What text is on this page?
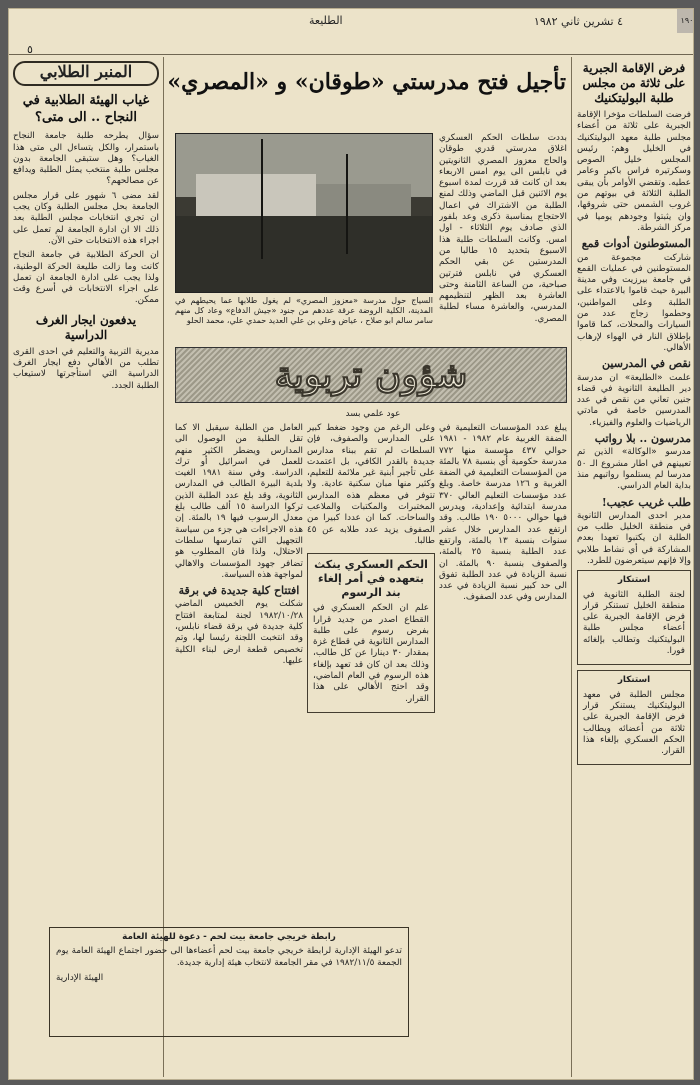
١٩٠
٤ تشرين ثاني ١٩٨٢
الطليعة
٥
فرض الإقامة الجبرية على ثلاثة من مجلس طلبة البوليتكنيك

فرضت السلطات مؤخرا الإقامة الجبرية على ثلاثة من أعضاء مجلس طلبة معهد البوليتكنيك في الخليل وهم: رئيس المجلس خليل الصوص وسكرتيره فراس باكير وعامر عطيه. وتقضي الأوامر بأن يبقى الطلبة الثلاثة في بيوتهم من غروب الشمس حتى شروقها، وان يثبتوا وجودهم يوميا في مركز الشرطة.

المستوطنون أدوات قمع

شاركت مجموعة من المستوطنين في عمليات القمع في جامعة بيرزيت وفي مدينة البيرة حيث قاموا بالاعتداء على الطلبة وعلى المواطنين، وحطموا زجاج عدد من السيارات والمحلات، كما قاموا بإطلاق النار في الهواء لإرهاب الأهالي.

نقص في المدرسين

علمت «الطليعة» ان مدرسة دير الطليعة الثانوية في قضاء جنين تعاني من نقص في عدد المدرسين خاصة في مادتي الرياضيات والعلوم والفيزياء.

مدرسون .. بلا رواتب

مدرسو «الوكالة» الذين تم تعيينهم في اطار مشروع الـ ٥٠ مدرسا لم يستلموا رواتبهم منذ بداية العام الدراسي.

طلب غريب عجيب!

مدير احدى المدارس الثانوية في منطقة الخليل طلب من الطلبة ان يكتبوا تعهدا بعدم المشاركة في أي نشاط طلابي وإلا فإنهم سيتعرضون للطرد.

استنكار

لجنة الطلبة الثانوية في منطقة الخليل تستنكر قرار فرض الإقامة الجبرية على أعضاء مجلس طلبة البوليتكنيك وتطالب بإلغائه فورا.

استنكار

مجلس الطلبة في معهد البوليتكنيك يستنكر قرار فرض الإقامة الجبرية على ثلاثة من أعضائه ويطالب الحكم العسكري بإلغاء هذا القرار.

المنبر الطلابي
غياب الهيئة الطلابية في النجاح .. الى متى؟

سؤال يطرحه طلبة جامعة النجاح باستمرار، والكل يتساءل الى متى هذا الغياب؟ وهل ستبقى الجامعة بدون مجلس طلبة منتخب يمثل الطلبة ويدافع عن مصالحهم؟

لقد مضى ٦ شهور على قرار مجلس الجامعة بحل مجلس الطلبة وكان يجب ان تجري انتخابات مجلس الطلبة بعد ذلك الا ان ادارة الجامعة لم تعمل على اجراء هذه الانتخابات حتى الآن.

ان الحركة الطلابية في جامعة النجاح كانت وما زالت طليعة الحركة الوطنية، ولذا يجب على ادارة الجامعة ان تعمل على اجراء الانتخابات في أسرع وقت ممكن.

يدفعون ايجار الغرف الدراسية

مديرية التربية والتعليم في احدى القرى تطلب من الأهالي دفع ايجار الغرف الدراسية التي استأجرتها لاستيعاب الطلبة الجدد.

تأجيل فتح مدرستي «طوقان» و «المصري»
بددت سلطات الحكم العسكري اغلاق مدرستي قدري طوقان والحاج معزوز المصري الثانويتين في نابلس الى يوم امس الاربعاء بعد ان كانت قد قررت لمدة اسبوع يوم الاثنين قبل الماضي وذلك لمنع الطلبة من الاشتراك في اعمال الاحتجاج بمناسبة ذكرى وعد بلفور الذي صادف يوم الثلاثاء - اول امس. وكانت السلطات طلبة هذا الاسبوع بتحديد ١٥ طالبا من المدرستين عن بقي الحكم العسكري في نابلس فترتين صباحية، من الساعة الثامنة وحتى العاشرة بعد الظهر لتنظيمهم المدرسي، والعاشرة مساء لطلبة المصري.
السياج حول مدرسة «معزوز المصري» لم يغول طلابها عما يحيطهم في المدينة، الكلية الروضة عرقة عددهم من جنود «جيش الدفاع» وعاد كل منهم سامر سالم ابو صلاح ، عياض وعلي بن علي العديد حمدي علي، محمد الحلو
شؤون تربوية
عود علمي بسد
يبلغ عدد المؤسسات التعليمية في الضفة الغربية عام ١٩٨٢ - ١٩٨١ حوالي ٤٣٧ مؤسسة منها ٧٧٢ مدرسة حكومية أي بنسبة ٧٨ بالمئة من المؤسسات التعليمية في الضفة الغربية و ١٢٦ مدرسة خاصة. وبلغ عدد مؤسسات التعليم العالي ٣٧٠ مدرسة ابتدائية وإعدادية، ويدرس فيها حوالي ٥٠٠٠ ١٩٠ طالب. وقد ارتفع عدد المدارس خلال عشر سنوات بنسبة ١٣ بالمئة، وارتفع عدد الطلبة بنسبة ٢٥ بالمئة، والصفوف بنسبة ٩٠ بالمئة. ان نسبة الزيادة في عدد الطلبة تفوق الى حد كبير نسبة الزيادة في عدد المدارس وفي عدد الصفوف.

وعلى الرغم من وجود ضغط كبير على المدارس والصفوف، فإن السلطات لم تقم ببناء مدارس جديدة بالقدر الكافي، بل اعتمدت على تأجير أبنية غير ملائمة للتعليم، وكثير منها مبان سكنية عادية. ولا تتوفر في معظم هذه المدارس المختبرات والمكتبات والملاعب والساحات. كما ان عددا كبيرا من الصفوف يزيد عدد طلابه عن ٤٥ طالبا.

الحكم العسكري ينكث بتعهده في أمر إلغاء بند الرسوم

علم ان الحكم العسكري في القطاع اصدر من جديد قرارا بفرض رسوم على طلبة المدارس الثانوية في قطاع غزة بمقدار ٣٠ دينارا عن كل طالب، وذلك بعد ان كان قد تعهد بإلغاء هذه الرسوم في العام الماضي، وقد احتج الأهالي على هذا القرار.

العامل من الطلبة سيقبل الا كما تقل الطلبة من الوصول الى المدارس ويضطر الكثير منهم للعمل في اسرائيل أو ترك الدراسة. وفي سنة ١٩٨١ الغيت بلدية البيرة الطالب في المدارس الثانوية، وقد بلغ عدد الطلبة الذين تركوا الدراسة ١٥ ألف طالب بلغ معدل الرسوب فيها ١٩ بالمئة. إن هذه الاجراءات هي جزء من سياسة التجهيل التي تمارسها سلطات الاحتلال، ولذا فان المطلوب هو تضافر جهود المؤسسات والاهالي لمواجهة هذه السياسة.

افتتاح كلية جديدة في برقة

شكلت يوم الخميس الماضي ١٩٨٢/١٠/٢٨ لجنة لمتابعة افتتاح كلية جديدة في برقة قضاء نابلس، وقد انتخبت اللجنة رئيسا لها، وتم تخصيص قطعة ارض لبناء الكلية عليها.

رابطة خريجي جامعة بيت لحم - دعوة للهيئة العامة

تدعو الهيئة الإدارية لرابطة خريجي جامعة بيت لحم أعضاءها الى حضور اجتماع الهيئة العامة يوم الجمعة ١٩٨٢/١١/٥ في مقر الجامعة لانتخاب هيئة إدارية جديدة.

الهيئة الإدارية
